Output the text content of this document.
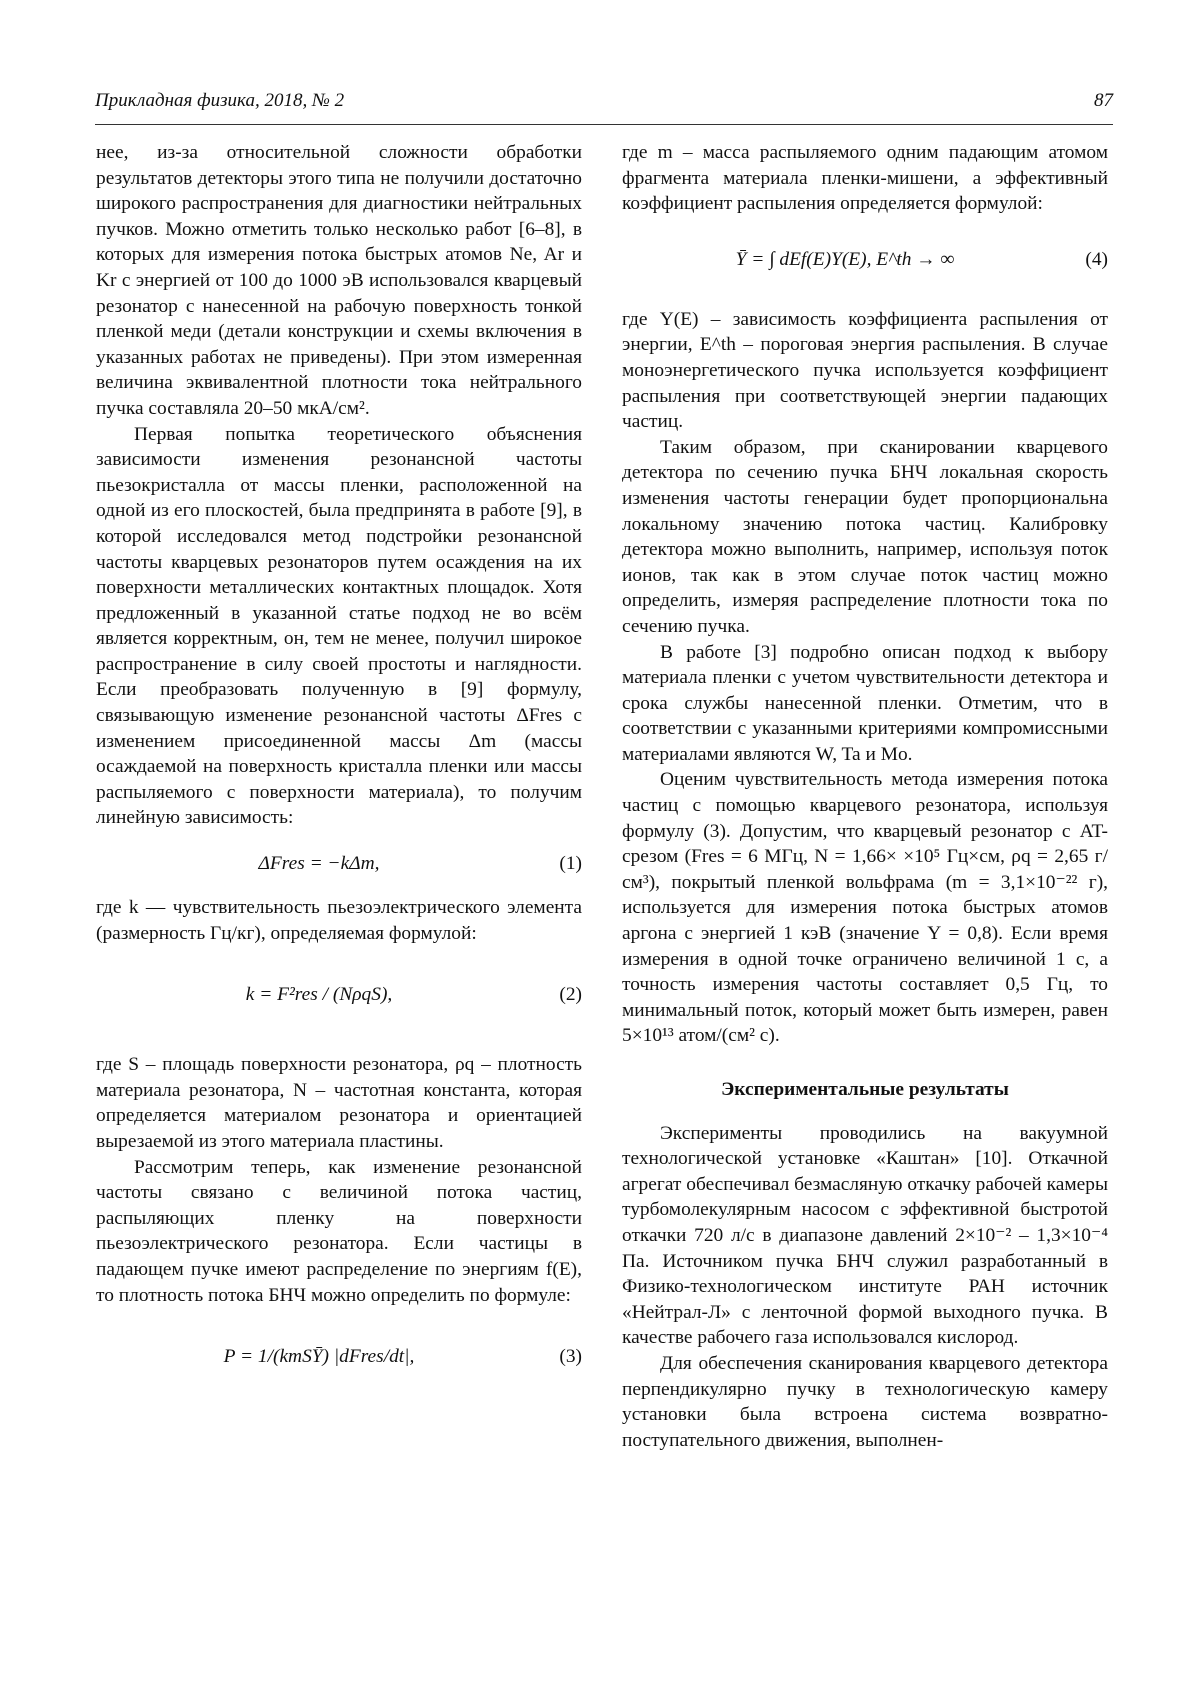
Прикладная физика, 2018, № 2	87

нее, из-за относительной сложности обработки результатов детекторы этого типа не получили достаточно широкого распространения для диагностики нейтральных пучков. Можно отметить только несколько работ [6–8], в которых для измерения потока быстрых атомов Ne, Ar и Kr с энергией от 100 до 1000 эВ использовался кварцевый резонатор с нанесенной на рабочую поверхность тонкой пленкой меди (детали конструкции и схемы включения в указанных работах не приведены). При этом измеренная величина эквивалентной плотности тока нейтрального пучка составляла 20–50 мкА/см².

Первая попытка теоретического объяснения зависимости изменения резонансной частоты пьезокристалла от массы пленки, расположенной на одной из его плоскостей, была предпринята в работе [9], в которой исследовался метод подстройки резонансной частоты кварцевых резонаторов путем осаждения на их поверхности металлических контактных площадок. Хотя предложенный в указанной статье подход не во всём является корректным, он, тем не менее, получил широкое распространение в силу своей простоты и наглядности. Если преобразовать полученную в [9] формулу, связывающую изменение резонансной частоты ΔFres с изменением присоединенной массы Δm (массы осаждаемой на поверхность кристалла пленки или массы распыляемого с поверхности материала), то получим линейную зависимость:

ΔFres = −kΔm,	(1)

где k — чувствительность пьезоэлектрического элемента (размерность Гц/кг), определяемая формулой:

k = F²res / (NρqS),	(2)

где S – площадь поверхности резонатора, ρq – плотность материала резонатора, N – частотная константа, которая определяется материалом резонатора и ориентацией вырезаемой из этого материала пластины.

Рассмотрим теперь, как изменение резонансной частоты связано с величиной потока частиц, распыляющих пленку на поверхности пьезоэлектрического резонатора. Если частицы в падающем пучке имеют распределение по энергиям f(E), то плотность потока БНЧ можно определить по формуле:

P = 1/(kmSȲ) |dFres/dt|,	(3)

где m – масса распыляемого одним падающим атомом фрагмента материала пленки-мишени, а эффективный коэффициент распыления определяется формулой:

Ȳ = ∫ dEf(E)Y(E), E^th → ∞	(4)

где Y(E) – зависимость коэффициента распыления от энергии, E^th – пороговая энергия распыления. В случае моноэнергетического пучка используется коэффициент распыления при соответствующей энергии падающих частиц.

Таким образом, при сканировании кварцевого детектора по сечению пучка БНЧ локальная скорость изменения частоты генерации будет пропорциональна локальному значению потока частиц. Калибровку детектора можно выполнить, например, используя поток ионов, так как в этом случае поток частиц можно определить, измеряя распределение плотности тока по сечению пучка.

В работе [3] подробно описан подход к выбору материала пленки с учетом чувствительности детектора и срока службы нанесенной пленки. Отметим, что в соответствии с указанными критериями компромиссными материалами являются W, Ta и Mo.

Оценим чувствительность метода измерения потока частиц с помощью кварцевого резонатора, используя формулу (3). Допустим, что кварцевый резонатор с AT-срезом (Fres = 6 МГц, N = 1,66× ×10⁵ Гц×см, ρq = 2,65 г/см³), покрытый пленкой вольфрама (m = 3,1×10⁻²² г), используется для измерения потока быстрых атомов аргона с энергией 1 кэВ (значение Y = 0,8). Если время измерения в одной точке ограничено величиной 1 с, а точность измерения частоты составляет 0,5 Гц, то минимальный поток, который может быть измерен, равен 5×10¹³ атом/(см² с).

Экспериментальные результаты

Эксперименты проводились на вакуумной технологической установке «Каштан» [10]. Откачной агрегат обеспечивал безмасляную откачку рабочей камеры турбомолекулярным насосом с эффективной быстротой откачки 720 л/с в диапазоне давлений 2×10⁻² – 1,3×10⁻⁴ Па. Источником пучка БНЧ служил разработанный в Физико-технологическом институте РАН источник «Нейтрал-Л» с ленточной формой выходного пучка. В качестве рабочего газа использовался кислород.

Для обеспечения сканирования кварцевого детектора перпендикулярно пучку в технологическую камеру установки была встроена система возвратно-поступательного движения, выполнен-
